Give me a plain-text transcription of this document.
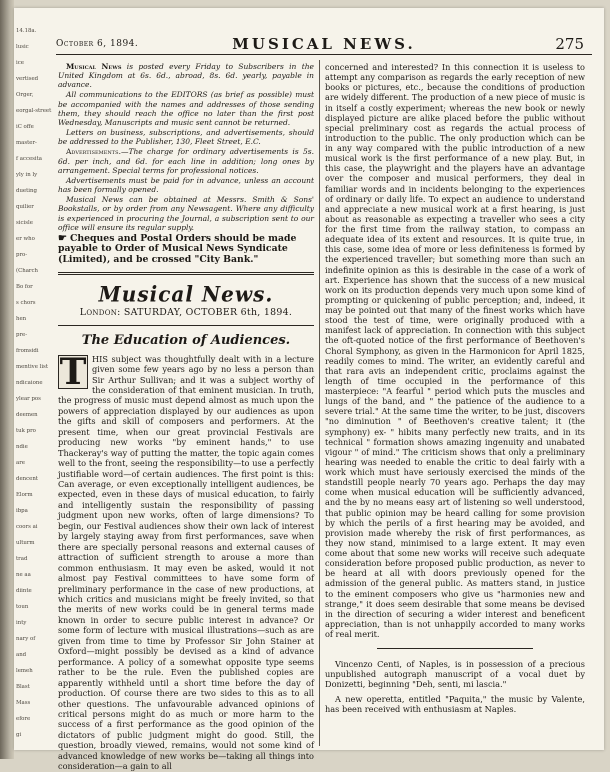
14.18a.
lusic
ice
vertised
Orger,
eorgal-street
iC offe
master-
f accesita
yly in ly
dueting
quilier
sicisle
er who
pro-
(Charch
Bo for
s chors
hen
pre-
fromsidi
mentive list
ndicaione
ylear pos
deemen
tuk pro
ndie
are
dencent
Elorm
ibpa
coors ai
ulturm
trad
ne aa
diinte
toun
inty
nary of
and
lemeh
Blast
Mass
efore
gi
October 6, 1894.	MUSICAL NEWS.	275

Musical News is posted every Friday to Subscribers in the United Kingdom at 6s. 6d., abroad, 8s. 6d. yearly, payable in advance.

All communications to the EDITORS (as brief as possible) must be accompanied with the names and addresses of those sending them, they should reach the office no later than the first post Wednesday, Manuscripts and music sent cannot be returned.

Letters on business, subscriptions, and advertisements, should be addressed to the Publisher, 130, Fleet Street, E.C.

Advertisements.—The charge for ordinary advertisements is 5s. 6d. per inch, and 6d. for each line in addition; long ones by arrangement. Special terms for professional notices.

Advertisements must be paid for in advance, unless an account has been formally opened.

Musical News can be obtained at Messrs. Smith & Sons' Bookstalls, or by order from any Newsagent. Where any difficulty is experienced in procuring the Journal, a subscription sent to our office will ensure its regular supply.

☛ Cheques and Postal Orders should be made payable to Order of Musical News Syndicate (Limited), and be crossed "City Bank."

Musical News.
London: SATURDAY, OCTOBER 6th, 1894.
The Education of Audiences.
T HIS subject was thoughtfully dealt with in a lecture given some few years ago by no less a person than Sir Arthur Sullivan; and it was a subject worthy of the consideration of that eminent musician. In truth, the progress of music must depend almost as much upon the powers of appreciation displayed by our audiences as upon the gifts and skill of composers and performers. At the present time, when our great provincial Festivals are producing new works "by eminent hands," to use Thackeray's way of putting the matter, the topic again comes well to the front, seeing the responsibility—to use a perfectly justifiable word—of certain audiences. The first point is this: Can average, or even exceptionally intelligent audiences, be expected, even in these days of musical education, to fairly and intelligently sustain the responsibility of passing judgment upon new works, often of large dimensions? To begin, our Festival audiences show their own lack of interest by largely staying away from first performances, save when there are specially personal reasons and external causes of attraction of sufficient strength to arouse a more than common enthusiasm. It may even be asked, would it not almost pay Festival committees to have some form of preliminary performance in the case of new productions, at which critics and musicians might be freely invited, so that the merits of new works could be in general terms made known in order to secure public interest in advance? Or some form of lecture with musical illustrations—such as are given from time to time by Professor Sir John Stainer at Oxford—might possibly be devised as a kind of advance performance. A policy of a somewhat opposite type seems rather to be the rule. Even the published copies are apparently withheld until a short time before the day of production. Of course there are two sides to this as to all other questions. The unfavourable advanced opinions of critical persons might do as much or more harm to the success of a first performance as the good opinion of the dictators of public judgment might do good. Still, the question, broadly viewed, remains, would not some kind of advanced knowledge of new works be—taking all things into consideration—a gain to all

concerned and interested? In this connection it is useless to attempt any comparison as regards the early reception of new books or pictures, etc., because the conditions of production are widely different. The production of a new piece of music is in itself a costly experiment; whereas the new book or newly displayed picture are alike placed before the public without special preliminary cost as regards the actual process of introduction to the public. The only production which can be in any way compared with the public introduction of a new musical work is the first performance of a new play. But, in this case, the playwright and the players have an advantage over the composer and musical performers, they deal in familiar words and in incidents belonging to the experiences of ordinary or daily life. To expect an audience to understand and appreciate a new musical work at a first hearing, is just about as reasonable as expecting a traveller who sees a city for the first time from the railway station, to compass an adequate idea of its extent and resources. It is quite true, in this case, some idea of more or less definiteness is formed by the experienced traveller; but something more than such an indefinite opinion as this is desirable in the case of a work of art. Experience has shown that the success of a new musical work on its production depends very much upon some kind of prompting or quickening of public perception; and, indeed, it may be pointed out that many of the finest works which have stood the test of time, were originally produced with a manifest lack of appreciation. In connection with this subject the oft-quoted notice of the first performance of Beethoven's Choral Symphony, as given in the Harmonicon for April 1825, readily comes to mind. The writer, an evidently careful and that rara avis an independent critic, proclaims against the length of time occupied in the performance of this masterpiece: "A fearful " period which puts the muscles and lungs of the band, and " the patience of the audience to a severe trial." At the same time the writer, to be just, discovers "no diminution " of Beethoven's creative talent; it (the symphony) ex- " hibits many perfectly new traits, and in its technical " formation shows amazing ingenuity and unabated vigour " of mind." The criticism shows that only a preliminary hearing was needed to enable the critic to deal fairly with a work which must have seriously exercised the minds of the standstill people nearly 70 years ago. Perhaps the day may come when musical education will be sufficiently advanced, and the by no means easy art of listening so well understood, that public opinion may be heard calling for some provision by which the perils of a first hearing may be avoided, and provision made whereby the risk of first performances, as they now stand, minimised to a large extent. It may even come about that some new works will receive such adequate consideration before proposed public production, as never to be heard at all with doors previously opened for the admission of the general public. As matters stand, in justice to the eminent composers who give us "harmonies new and strange," it does seem desirable that some means be devised in the direction of securing a wider interest and beneficent appreciation, than is not unhappily accorded to many works of real merit.

Vincenzo Centi, of Naples, is in possession of a precious unpublished autograph manuscript of a vocal duet by Donizetti, beginning "Deh, senti, mi lascia."

A new operetta, entitled "Paquita," the music by Valente, has been received with enthusiasm at Naples.
